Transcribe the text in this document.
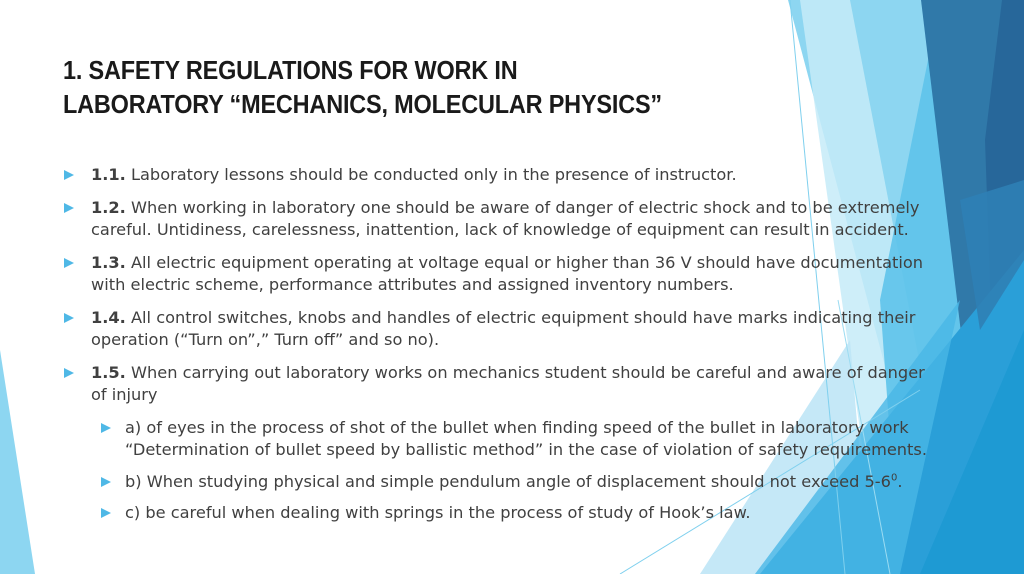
1. SAFETY REGULATIONS FOR WORK IN
LABORATORY “MECHANICS, MOLECULAR PHYSICS”
1.1. Laboratory lessons should be conducted only in the presence of instructor.
1.2. When working in laboratory one should be aware of danger of electric shock and to be extremely
careful. Untidiness, carelessness, inattention, lack of knowledge of equipment can result in accident.
1.3. All electric equipment operating at voltage equal or higher than 36 V should have documentation
with electric scheme, performance attributes and assigned inventory numbers.
1.4. All control switches, knobs and handles of electric equipment should have marks indicating their
operation (“Turn on”,” Turn off” and so no).
1.5. When carrying out laboratory works on mechanics student should be careful and aware of danger
of injury
a) of eyes in the process of shot of the bullet when finding speed of the bullet in laboratory work
“Determination of bullet speed by ballistic method” in the case of violation of safety requirements.
b) When studying physical and simple pendulum angle of displacement should not exceed $5-6^0$.
c) be careful when dealing with springs in the process of study of Hook’s law.
